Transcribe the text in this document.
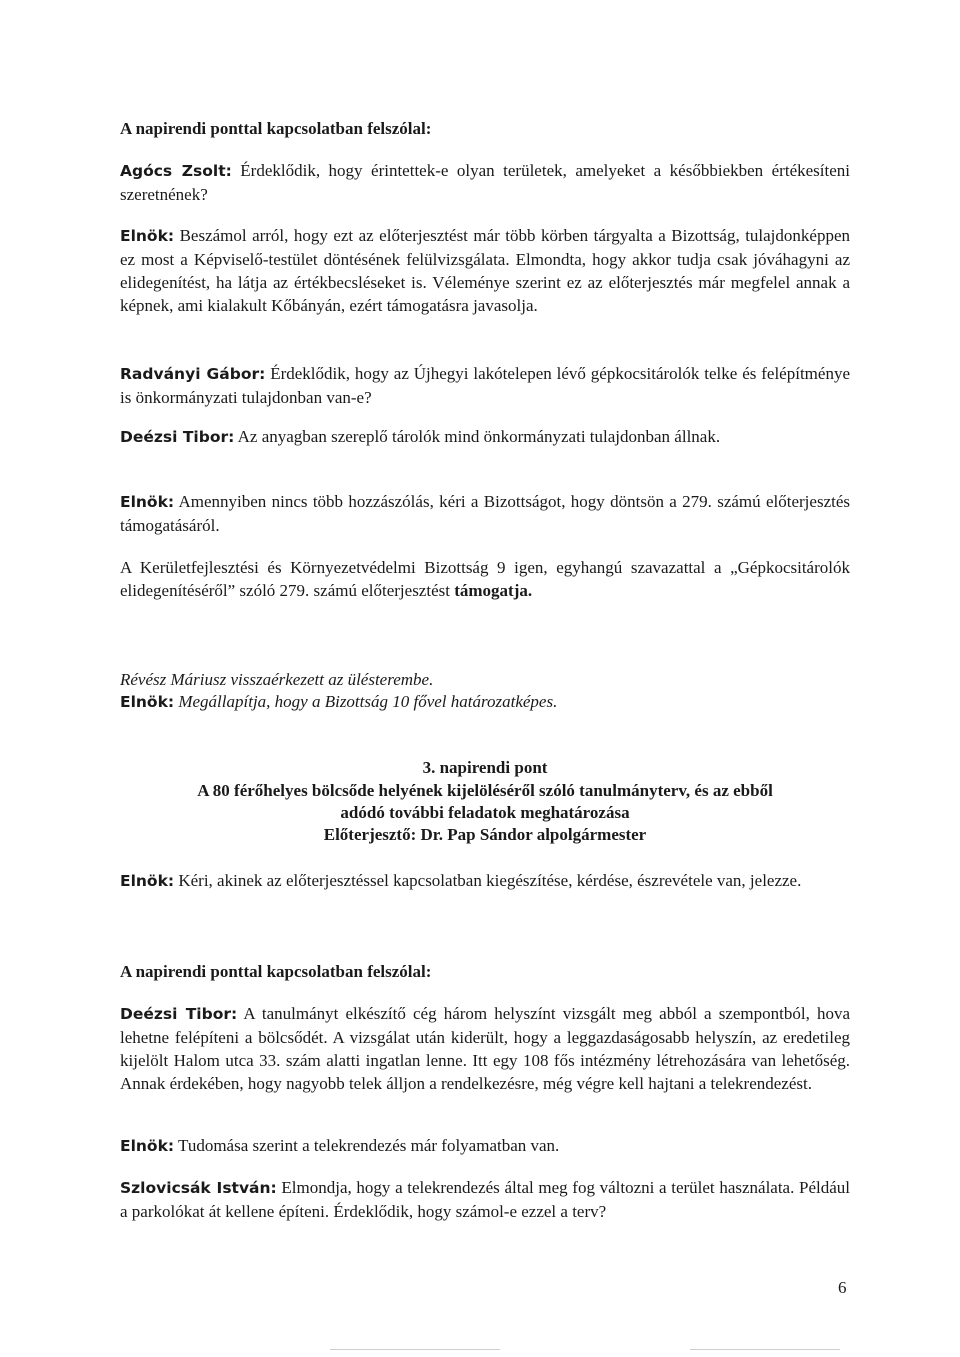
A napirendi ponttal kapcsolatban felszólal:

Agócs Zsolt: Érdeklődik, hogy érintettek-e olyan területek, amelyeket a későbbiekben értékesíteni szeretnének?

Elnök: Beszámol arról, hogy ezt az előterjesztést már több körben tárgyalta a Bizottság, tulajdonképpen ez most a Képviselő-testület döntésének felülvizsgálata. Elmondta, hogy akkor tudja csak jóváhagyni az elidegenítést, ha látja az értékbecsléseket is. Véleménye szerint ez az előterjesztés már megfelel annak a képnek, ami kialakult Kőbányán, ezért támogatásra javasolja.

Radványi Gábor: Érdeklődik, hogy az Újhegyi lakótelepen lévő gépkocsitárolók telke és felépítménye is önkormányzati tulajdonban van-e?

Deézsi Tibor: Az anyagban szereplő tárolók mind önkormányzati tulajdonban állnak.

Elnök: Amennyiben nincs több hozzászólás, kéri a Bizottságot, hogy döntsön a 279. számú előterjesztés támogatásáról.

A Kerületfejlesztési és Környezetvédelmi Bizottság 9 igen, egyhangú szavazattal a „Gépkocsitárolók elidegenítéséről” szóló 279. számú előterjesztést támogatja.

Révész Máriusz visszaérkezett az ülésterembe.

Elnök: Megállapítja, hogy a Bizottság 10 fővel határozatképes.

3. napirendi pont
A 80 férőhelyes bölcsőde helyének kijelöléséről szóló tanulmányterv, és az ebből
adódó további feladatok meghatározása
Előterjesztő: Dr. Pap Sándor alpolgármester

Elnök: Kéri, akinek az előterjesztéssel kapcsolatban kiegészítése, kérdése, észrevétele van, jelezze.

A napirendi ponttal kapcsolatban felszólal:

Deézsi Tibor: A tanulmányt elkészítő cég három helyszínt vizsgált meg abból a szempontból, hova lehetne felépíteni a bölcsődét. A vizsgálat után kiderült, hogy a leggazdaságosabb helyszín, az eredetileg kijelölt Halom utca 33. szám alatti ingatlan lenne. Itt egy 108 fős intézmény létrehozására van lehetőség. Annak érdekében, hogy nagyobb telek álljon a rendelkezésre, még végre kell hajtani a telekrendezést.

Elnök: Tudomása szerint a telekrendezés már folyamatban van.

Szlovicsák István: Elmondja, hogy a telekrendezés által meg fog változni a terület használata. Például a parkolókat át kellene építeni. Érdeklődik, hogy számol-e ezzel a terv?

6
